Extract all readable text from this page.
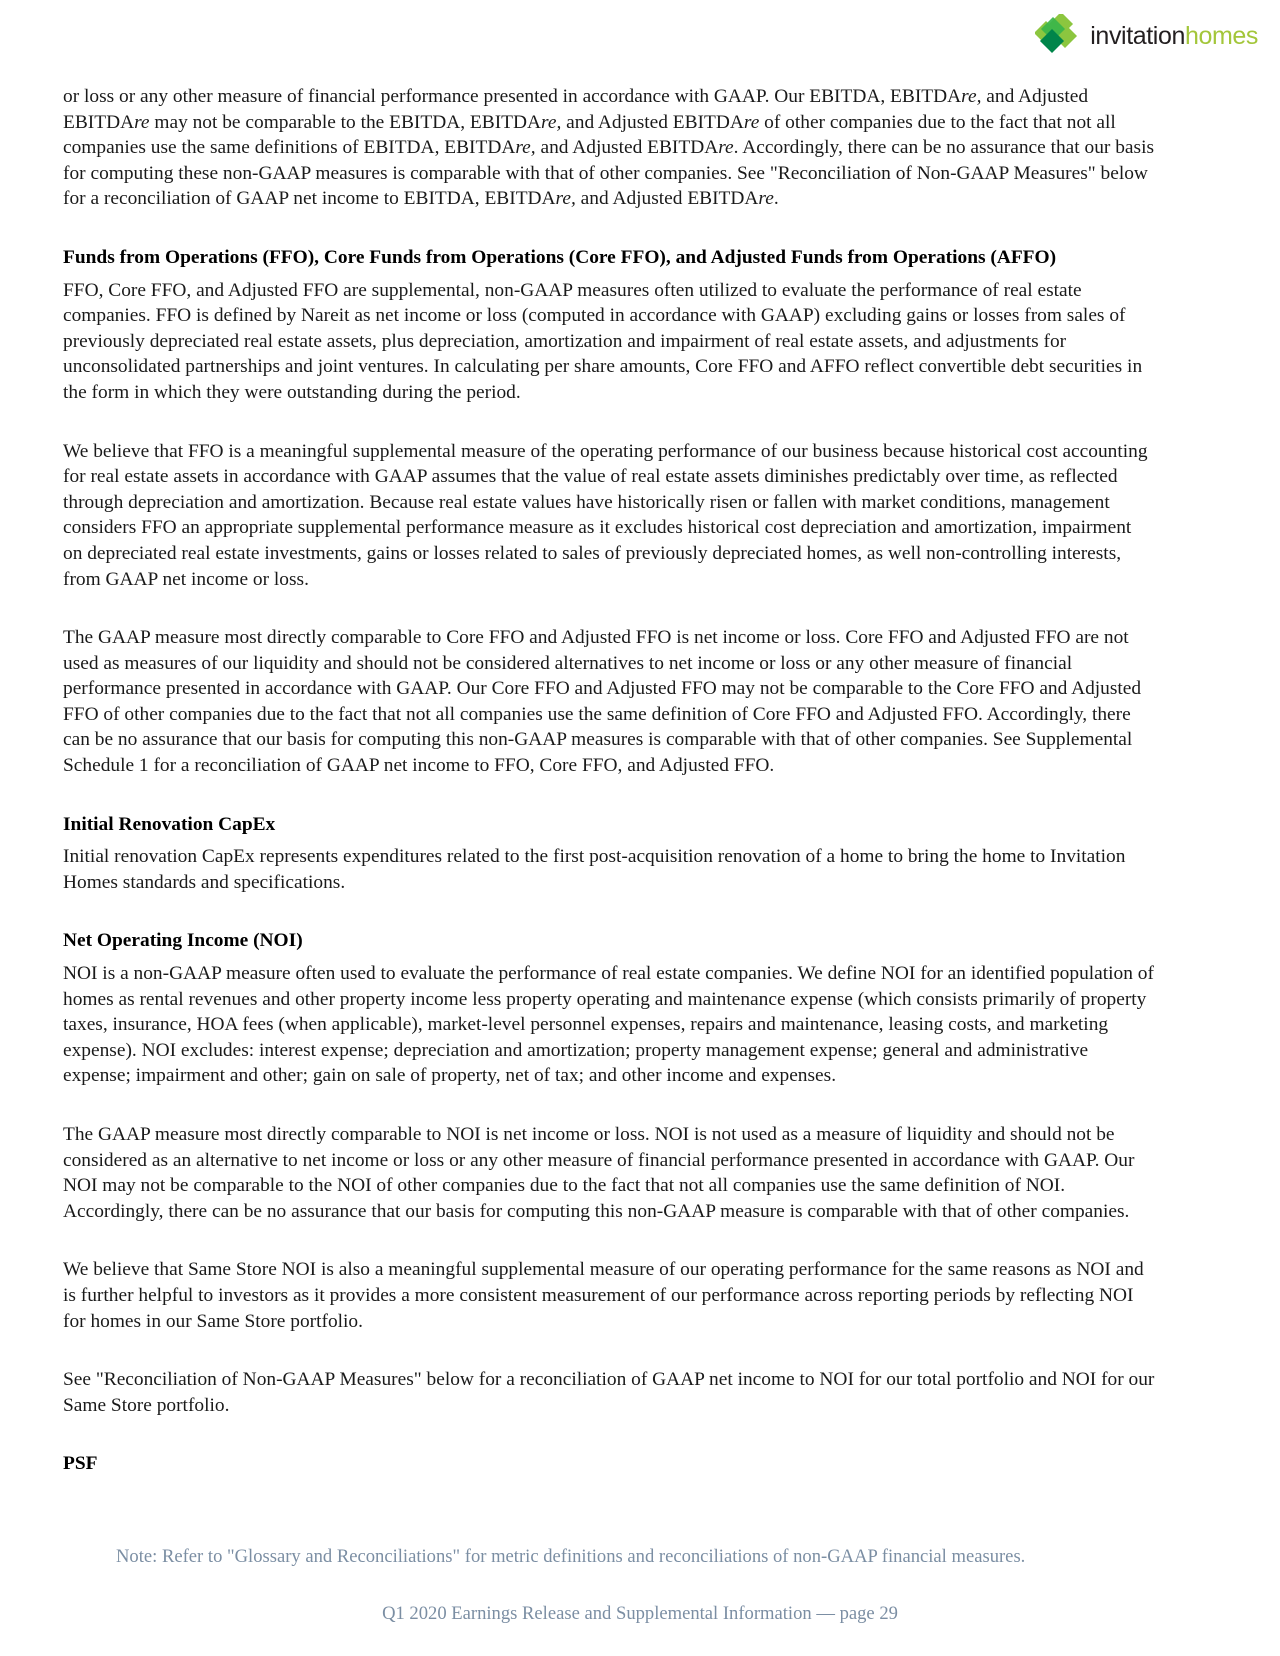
invitationhomes

or loss or any other measure of financial performance presented in accordance with GAAP. Our EBITDA, EBITDAre, and Adjusted EBITDAre may not be comparable to the EBITDA, EBITDAre, and Adjusted EBITDAre of other companies due to the fact that not all companies use the same definitions of EBITDA, EBITDAre, and Adjusted EBITDAre. Accordingly, there can be no assurance that our basis for computing these non-GAAP measures is comparable with that of other companies. See "Reconciliation of Non-GAAP Measures" below for a reconciliation of GAAP net income to EBITDA, EBITDAre, and Adjusted EBITDAre.

Funds from Operations (FFO), Core Funds from Operations (Core FFO), and Adjusted Funds from Operations (AFFO)

FFO, Core FFO, and Adjusted FFO are supplemental, non-GAAP measures often utilized to evaluate the performance of real estate companies. FFO is defined by Nareit as net income or loss (computed in accordance with GAAP) excluding gains or losses from sales of previously depreciated real estate assets, plus depreciation, amortization and impairment of real estate assets, and adjustments for unconsolidated partnerships and joint ventures. In calculating per share amounts, Core FFO and AFFO reflect convertible debt securities in the form in which they were outstanding during the period.

We believe that FFO is a meaningful supplemental measure of the operating performance of our business because historical cost accounting for real estate assets in accordance with GAAP assumes that the value of real estate assets diminishes predictably over time, as reflected through depreciation and amortization. Because real estate values have historically risen or fallen with market conditions, management considers FFO an appropriate supplemental performance measure as it excludes historical cost depreciation and amortization, impairment on depreciated real estate investments, gains or losses related to sales of previously depreciated homes, as well non-controlling interests, from GAAP net income or loss.

The GAAP measure most directly comparable to Core FFO and Adjusted FFO is net income or loss. Core FFO and Adjusted FFO are not used as measures of our liquidity and should not be considered alternatives to net income or loss or any other measure of financial performance presented in accordance with GAAP. Our Core FFO and Adjusted FFO may not be comparable to the Core FFO and Adjusted FFO of other companies due to the fact that not all companies use the same definition of Core FFO and Adjusted FFO. Accordingly, there can be no assurance that our basis for computing this non-GAAP measures is comparable with that of other companies. See Supplemental Schedule 1 for a reconciliation of GAAP net income to FFO, Core FFO, and Adjusted FFO.

Initial Renovation CapEx

Initial renovation CapEx represents expenditures related to the first post-acquisition renovation of a home to bring the home to Invitation Homes standards and specifications.

Net Operating Income (NOI)

NOI is a non-GAAP measure often used to evaluate the performance of real estate companies. We define NOI for an identified population of homes as rental revenues and other property income less property operating and maintenance expense (which consists primarily of property taxes, insurance, HOA fees (when applicable), market-level personnel expenses, repairs and maintenance, leasing costs, and marketing expense). NOI excludes: interest expense; depreciation and amortization; property management expense; general and administrative expense; impairment and other; gain on sale of property, net of tax; and other income and expenses.

The GAAP measure most directly comparable to NOI is net income or loss. NOI is not used as a measure of liquidity and should not be considered as an alternative to net income or loss or any other measure of financial performance presented in accordance with GAAP. Our NOI may not be comparable to the NOI of other companies due to the fact that not all companies use the same definition of NOI. Accordingly, there can be no assurance that our basis for computing this non-GAAP measure is comparable with that of other companies.

We believe that Same Store NOI is also a meaningful supplemental measure of our operating performance for the same reasons as NOI and is further helpful to investors as it provides a more consistent measurement of our performance across reporting periods by reflecting NOI for homes in our Same Store portfolio.

See "Reconciliation of Non-GAAP Measures" below for a reconciliation of GAAP net income to NOI for our total portfolio and NOI for our Same Store portfolio.

PSF

Note: Refer to "Glossary and Reconciliations" for metric definitions and reconciliations of non-GAAP financial measures.
Q1 2020 Earnings Release and Supplemental Information — page 29
